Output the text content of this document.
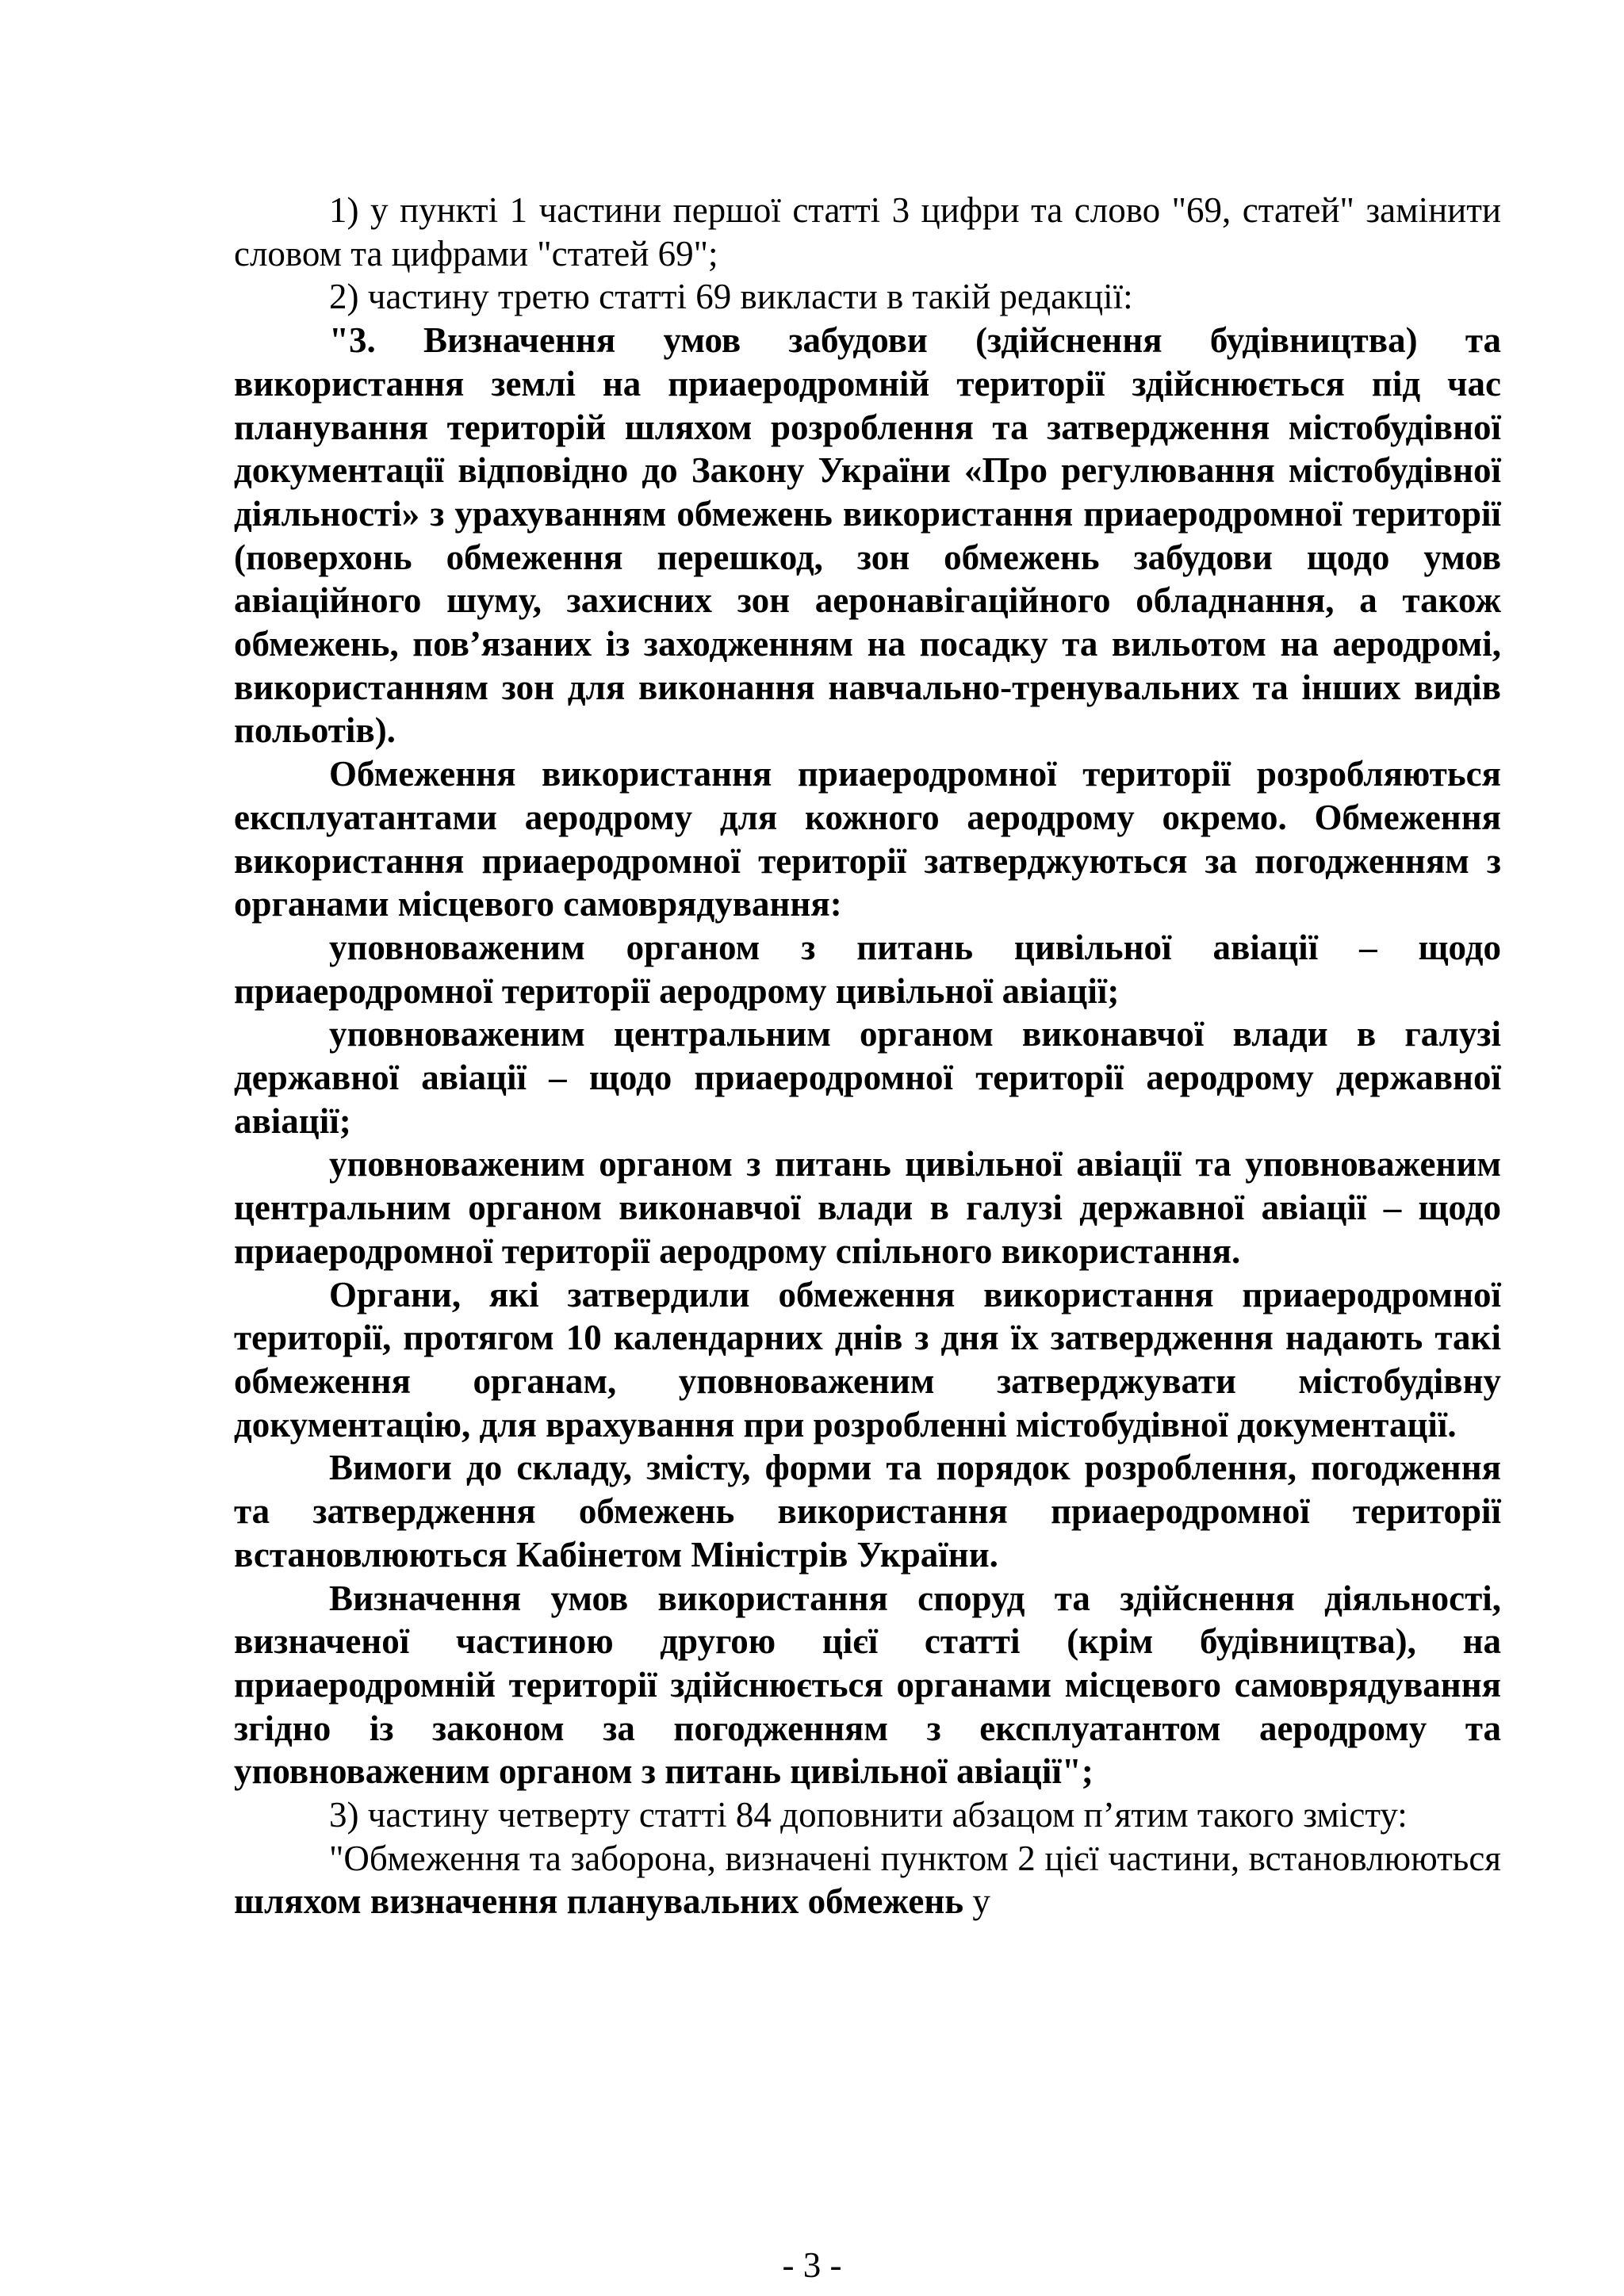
1) у пункті 1 частини першої статті 3 цифри та слово "69, статей" замінити словом та цифрами "статей 69";

2) частину третю статті 69 викласти в такій редакції:

"3. Визначення умов забудови (здійснення будівництва) та використання землі на приаеродромній території здійснюється під час планування територій шляхом розроблення та затвердження містобудівної документації відповідно до Закону України «Про регулювання містобудівної діяльності» з урахуванням обмежень використання приаеродромної території (поверхонь обмеження перешкод, зон обмежень забудови щодо умов авіаційного шуму, захисних зон аеронавігаційного обладнання, а також обмежень, пов’язаних із заходженням на посадку та вильотом на аеродромі, використанням зон для виконання навчально-тренувальних та інших видів польотів).

Обмеження використання приаеродромної території розробляються експлуатантами аеродрому для кожного аеродрому окремо. Обмеження використання приаеродромної території затверджуються за погодженням з органами місцевого самоврядування:

уповноваженим органом з питань цивільної авіації – щодо приаеродромної території аеродрому цивільної авіації;

уповноваженим центральним органом виконавчої влади в галузі державної авіації – щодо приаеродромної території аеродрому державної авіації;

уповноваженим органом з питань цивільної авіації та уповноваженим центральним органом виконавчої влади в галузі державної авіації – щодо приаеродромної території аеродрому спільного використання.

Органи, які затвердили обмеження використання приаеродромної території, протягом 10 календарних днів з дня їх затвердження надають такі обмеження органам, уповноваженим затверджувати містобудівну документацію, для врахування при розробленні містобудівної документації.

Вимоги до складу, змісту, форми та порядок розроблення, погодження та затвердження обмежень використання приаеродромної території встановлюються Кабінетом Міністрів України.

Визначення умов використання споруд та здійснення діяльності, визначеної частиною другою цієї статті (крім будівництва), на приаеродромній території здійснюється органами місцевого самоврядування згідно із законом за погодженням з експлуатантом аеродрому та уповноваженим органом з питань цивільної авіації";

3) частину четверту статті 84 доповнити абзацом п’ятим такого змісту:

"Обмеження та заборона, визначені пунктом 2 цієї частини, встановлюються шляхом визначення планувальних обмежень у

- 3 -
